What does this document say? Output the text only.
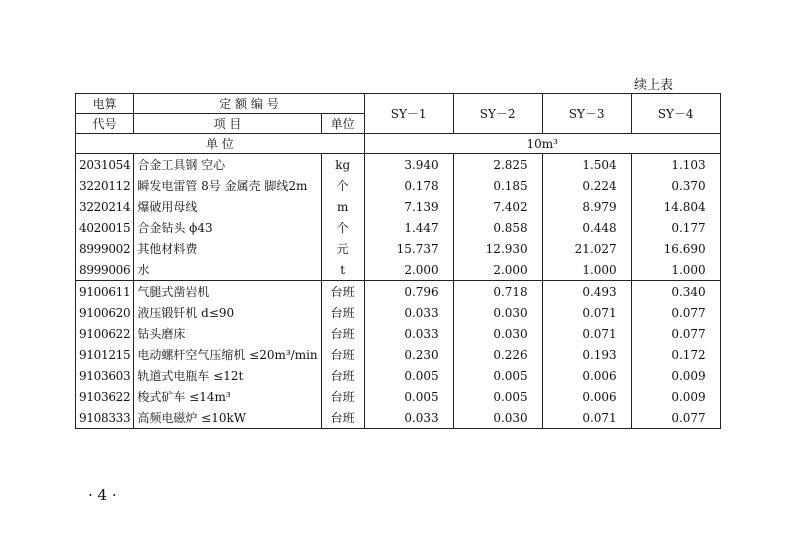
续上表
电算	定 额 编 号		SY－1	SY－2	SY－3	SY－4
代号	项 目	单位				
单 位			10m³			
2031054	合金工具钢 空心	kg	3.940	2.825	1.504	1.103
3220112	瞬发电雷管 8号 金属壳 脚线2m	个	0.178	0.185	0.224	0.370
3220214	爆破用母线	m	7.139	7.402	8.979	14.804
4020015	合金钻头 ϕ43	个	1.447	0.858	0.448	0.177
8999002	其他材料费	元	15.737	12.930	21.027	16.690
8999006	水	t	2.000	2.000	1.000	1.000
9100611	气腿式凿岩机	台班	0.796	0.718	0.493	0.340
9100620	液压锻钎机 d≤90	台班	0.033	0.030	0.071	0.077
9100622	钻头磨床	台班	0.033	0.030	0.071	0.077
9101215	电动螺杆空气压缩机 ≤20m³/min	台班	0.230	0.226	0.193	0.172
9103603	轨道式电瓶车 ≤12t	台班	0.005	0.005	0.006	0.009
9103622	梭式矿车 ≤14m³	台班	0.005	0.005	0.006	0.009
9108333	高频电磁炉 ≤10kW	台班	0.033	0.030	0.071	0.077
· 4 ·
